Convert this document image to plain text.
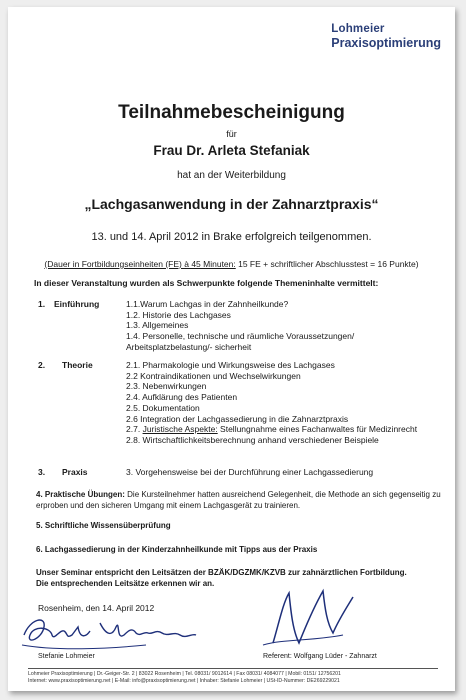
Lohmeier
Praxisoptimierung
Teilnahmebescheinigung
für
Frau Dr. Arleta Stefaniak
hat an der Weiterbildung
„Lachgasanwendung in der Zahnarztpraxis“
13. und 14. April 2012 in Brake erfolgreich teilgenommen.
(Dauer in Fortbildungseinheiten (FE) à 45 Minuten: 15 FE + schriftlicher Abschlusstest = 16 Punkte)
In dieser Veranstaltung wurden als Schwerpunkte folgende Themeninhalte vermittelt:
1. Einführung	1.1.Warum Lachgas in der Zahnheilkunde?
1.2. Historie des Lachgases
1.3. Allgemeines
1.4. Personelle, technische und räumliche Voraussetzungen/
Arbeitsplatzbelastung/- sicherheit
2. Theorie	2.1. Pharmakologie und Wirkungsweise des Lachgases
2.2 Kontraindikationen und Wechselwirkungen
2.3. Nebenwirkungen
2.4. Aufklärung des Patienten
2.5. Dokumentation
2.6 Integration der Lachgassedierung in die Zahnarztpraxis
2.7. Juristische Aspekte: Stellungnahme eines Fachanwaltes für Medizinrecht
2.8. Wirtschaftlichkeitsberechnung anhand verschiedener Beispiele
3. Praxis	3. Vorgehensweise bei der Durchführung einer Lachgassedierung
4. Praktische Übungen: Die Kursteilnehmer hatten ausreichend Gelegenheit, die Methode an sich gegenseitig zu erproben und den sicheren Umgang mit einem Lachgasgerät zu trainieren.
5. Schriftliche Wissensüberprüfung
6. Lachgassedierung in der Kinderzahnheilkunde mit Tipps aus der Praxis
Unser Seminar entspricht den Leitsätzen der BZÄK/DGZMK/KZVB zur zahnärztlichen Fortbildung.
Die entsprechenden Leitsätze erkennen wir an.
Rosenheim, den 14. April 2012
Stefanie Lohmeier	Referent: Wolfgang Lüder - Zahnarzt
Lohmeier Praxisoptimierung | Dr.-Geiger-Str. 2 | 83022 Rosenheim | Tel. 08031/ 9012614 | Fax 08031/ 4084077 | Mobil: 0151/ 12756201
Internet: www.praxisoptimierung.net | E-Mail: info@praxisoptimierung.net | Inhaber: Stefanie Lohmeier | USt-ID-Nummer: DE269229021
